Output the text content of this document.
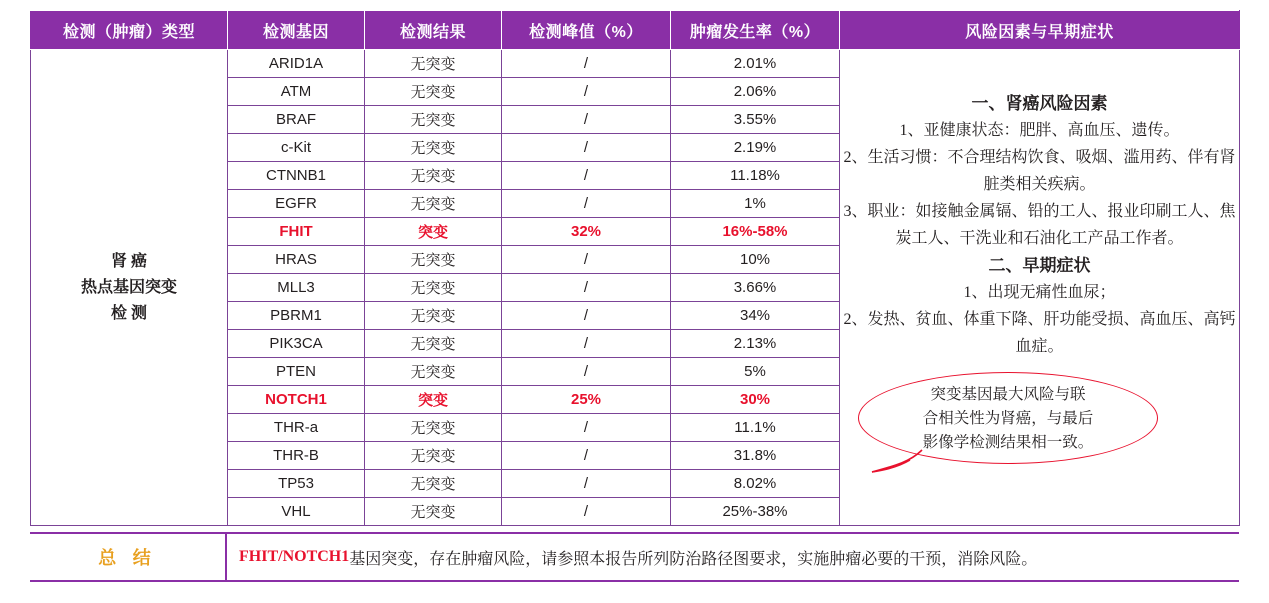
检测（肿瘤）类型	检测基因	检测结果	检测峰值（%）	肿瘤发生率（%）	风险因素与早期症状

肾 癌
热点基因突变
检 测
	ARID1A	无突变	/	2.01%	

一、肾癌风险因素

1、亚健康状态：肥胖、高血压、遗传。

2、生活习惯：不合理结构饮食、吸烟、滥用药、伴有肾脏类相关疾病。

3、职业：如接触金属镉、铅的工人、报业印刷工人、焦炭工人、干洗业和石油化工产品工作者。

二、早期症状

1、出现无痛性血尿；

2、发热、贫血、体重下降、肝功能受损、高血压、高钙血症。

突变基因最大风险与联
合相关性为肾癌，与最后
影像学检测结果相一致。

	ATM	无突变	/	2.06%	
	BRAF	无突变	/	3.55%	
	c-Kit	无突变	/	2.19%	
	CTNNB1	无突变	/	11.18%	
	EGFR	无突变	/	1%	
	FHIT	突变	32%	16%-58%	
	HRAS	无突变	/	10%	
	MLL3	无突变	/	3.66%	
	PBRM1	无突变	/	34%	
	PIK3CA	无突变	/	2.13%	
	PTEN	无突变	/	5%	
	NOTCH1	突变	25%	30%	
	THR-a	无突变	/	11.1%	
	THR-B	无突变	/	31.8%	
	TP53	无突变	/	8.02%	
	VHL	无突变	/	25%-38%	
总 结	FHIT/NOTCH1 基因突变，存在肿瘤风险，请参照本报告所列防治路径图要求，实施肿瘤必要的干预，消除风险。
